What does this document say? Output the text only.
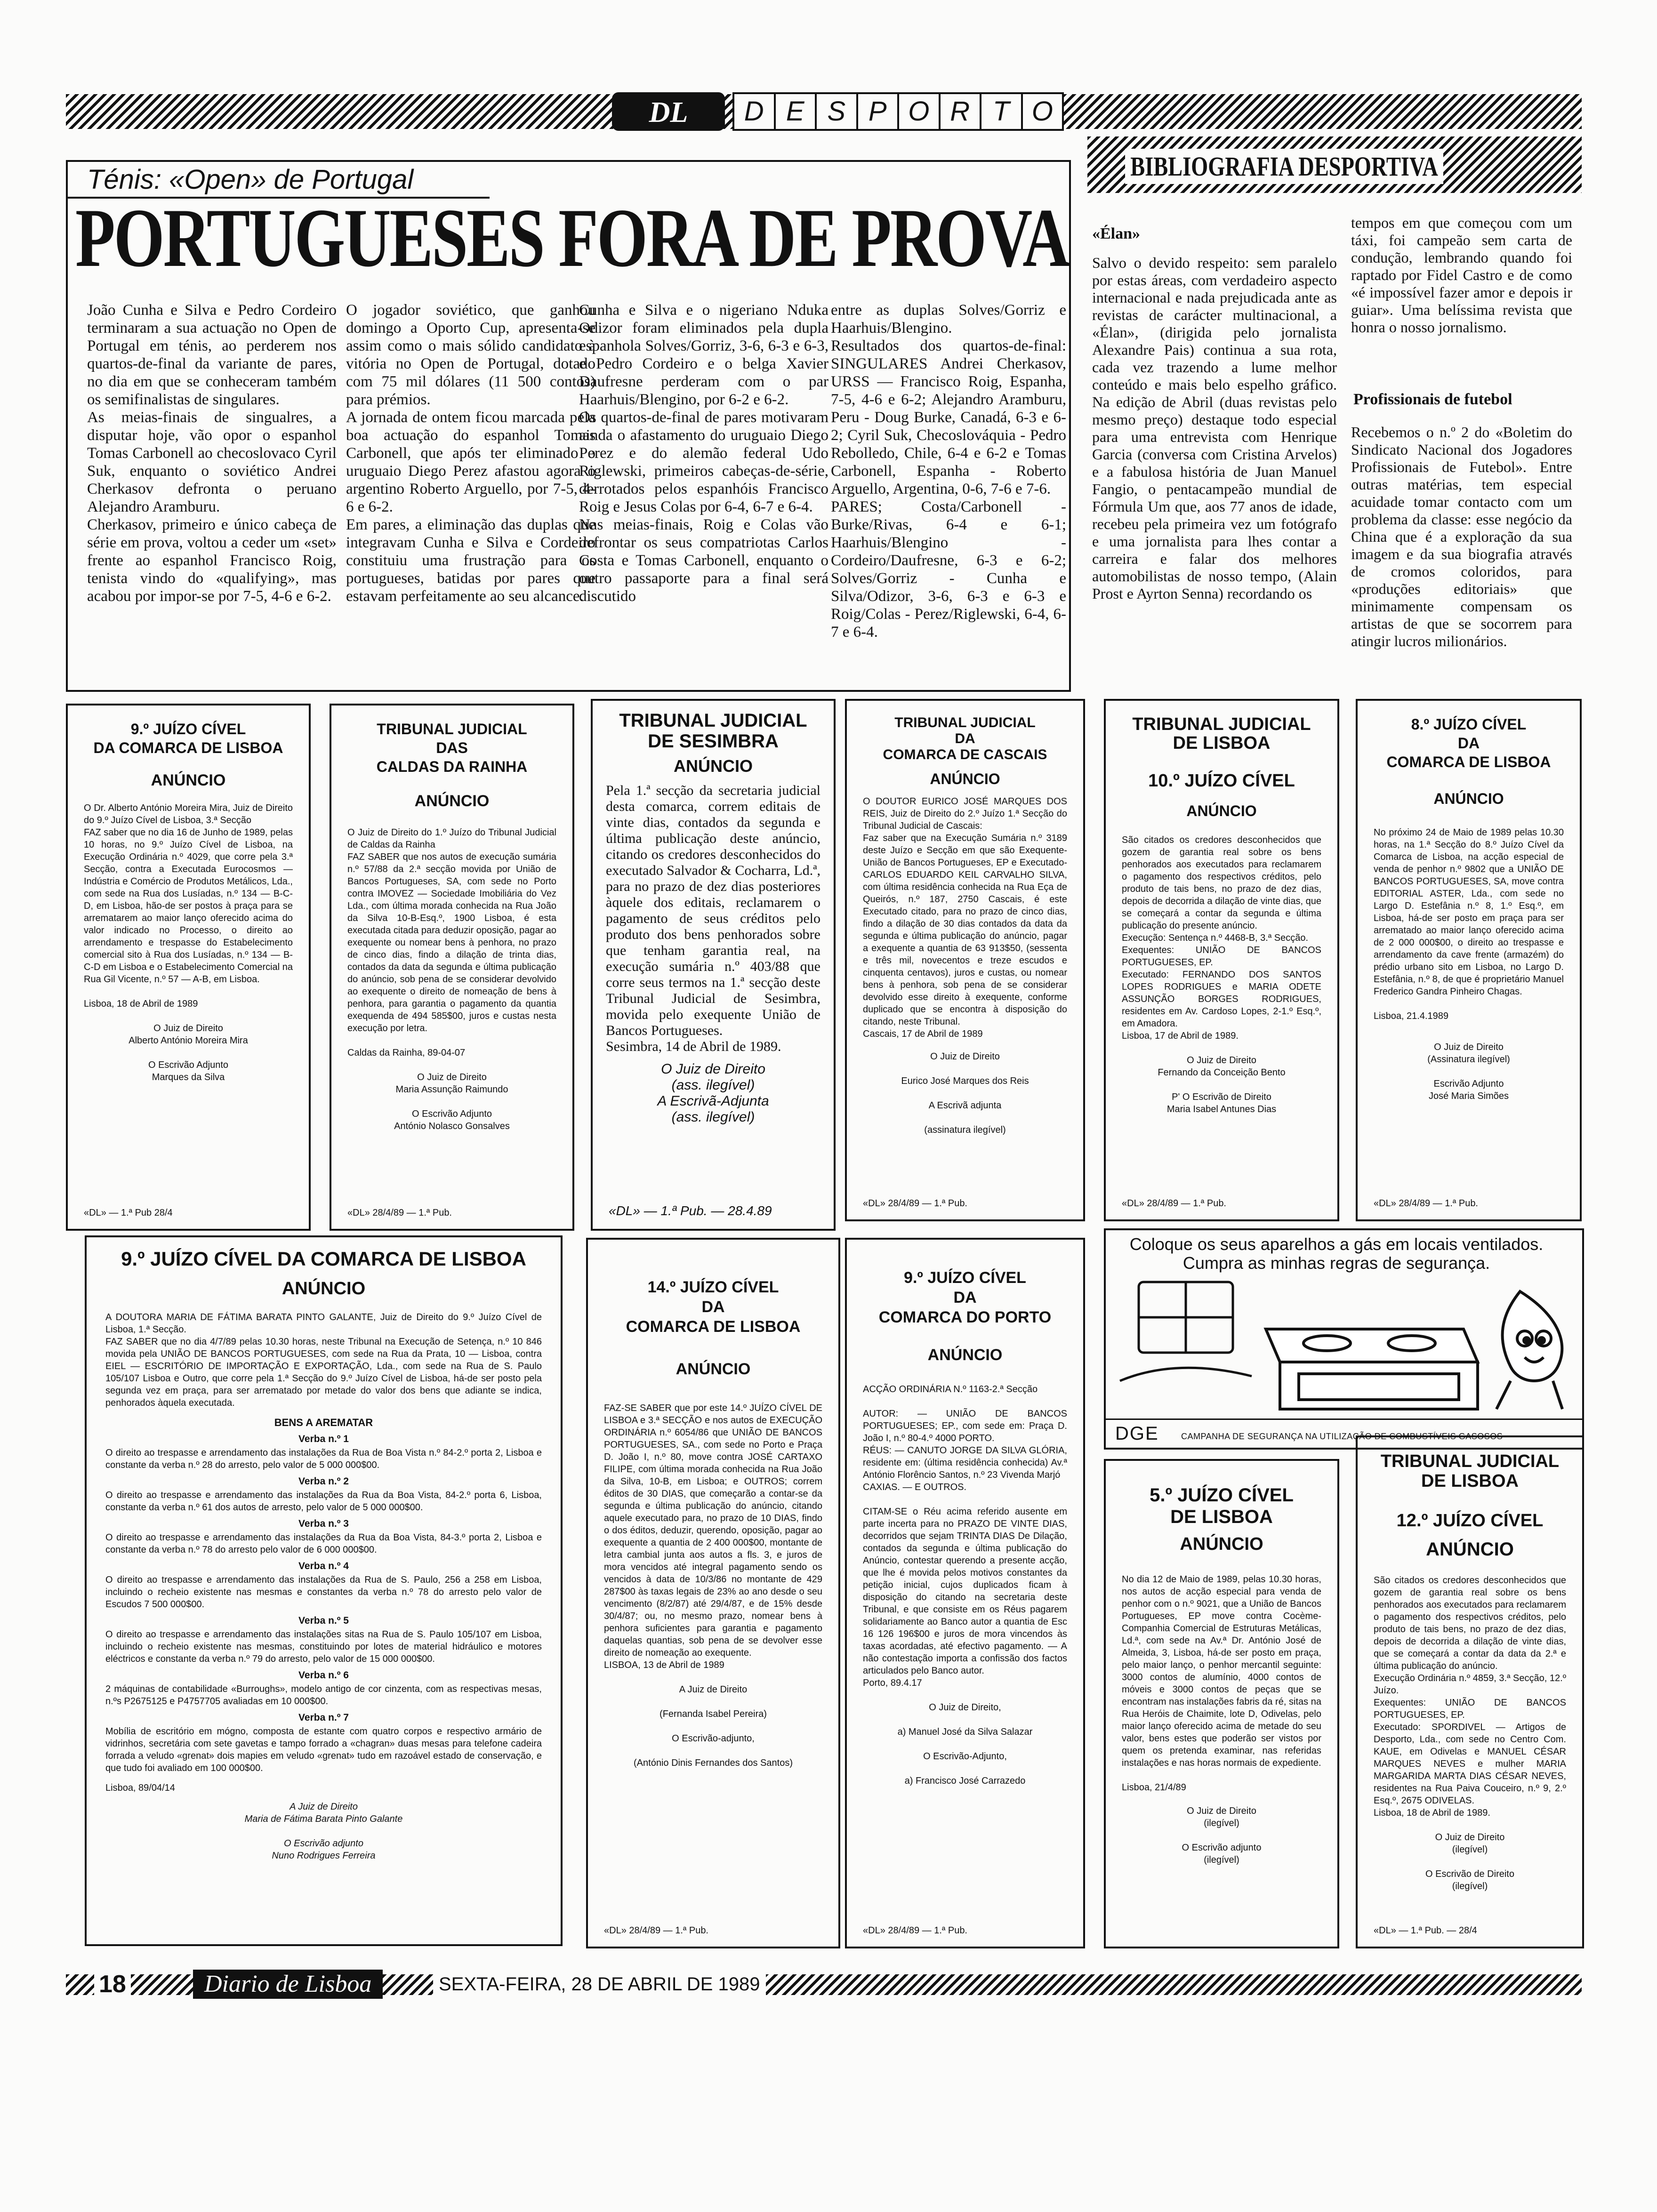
DL	D E S P O R T O
Ténis: «Open» de Portugal
PORTUGUESES FORA DE PROVA
João Cunha e Silva e Pedro Cordeiro terminaram a sua actuação no Open de Portugal em ténis, ao perderem nos quartos-de-final da variante de pares, no dia em que se conheceram também os semifinalistas de singulares.
As meias-finais de singualres, a disputar hoje, vão opor o espanhol Tomas Carbonell ao checoslovaco Cyril Suk, enquanto o soviético Andrei Cherkasov defronta o peruano Alejandro Aramburu.
Cherkasov, primeiro e único cabeça de série em prova, voltou a ceder um «set» frente ao espanhol Francisco Roig, tenista vindo do «qualifying», mas acabou por impor-se por 7-5, 4-6 e 6-2.
O jogador soviético, que ganhou domingo a Oporto Cup, apresenta-se assim como o mais sólido candidato à vitória no Open de Portugal, dotado com 75 mil dólares (11 500 contos) para prémios.
A jornada de ontem ficou marcada pela boa actuação do espanhol Tomas Carbonell, que após ter eliminado o uruguaio Diego Perez afastou agora o argentino Roberto Arguello, por 7-5, 4-6 e 6-2.
Em pares, a eliminação das duplas que integravam Cunha e Silva e Cordeiro constituiu uma frustração para os portugueses, batidas por pares que estavam perfeitamente ao seu alcance.
Cunha e Silva e o nigeriano Nduka Odizor foram eliminados pela dupla espanhola Solves/Gorriz, 3-6, 6-3 e 6-3, e Pedro Cordeiro e o belga Xavier Daufresne perderam com o par Haarhuis/Blengino, por 6-2 e 6-2.
Os quartos-de-final de pares motivaram ainda o afastamento do uruguaio Diego Perez e do alemão federal Udo Riglewski, primeiros cabeças-de-série, derrotados pelos espanhóis Francisco Roig e Jesus Colas por 6-4, 6-7 e 6-4.
Nas meias-finais, Roig e Colas vão defrontar os seus compatriotas Carlos Costa e Tomas Carbonell, enquanto o outro passaporte para a final será discutido
entre as duplas Solves/Gorriz e Haarhuis/Blengino.
Resultados dos quartos-de-final: SINGULARES Andrei Cherkasov, URSS — Francisco Roig, Espanha, 7-5, 4-6 e 6-2; Alejandro Aramburu, Peru - Doug Burke, Canadá, 6-3 e 6-2; Cyril Suk, Checoslováquia - Pedro Rebolledo, Chile, 6-4 e 6-2 e Tomas Carbonell, Espanha - Roberto Arguello, Argentina, 0-6, 7-6 e 7-6.
PARES; Costa/Carbonell - Burke/Rivas, 6-4 e 6-1; Haarhuis/Blengino - Cordeiro/Daufresne, 6-3 e 6-2; Solves/Gorriz - Cunha e Silva/Odizor, 3-6, 6-3 e 6-3 e Roig/Colas - Perez/Riglewski, 6-4, 6-7 e 6-4.
BIBLIOGRAFIA DESPORTIVA
«Élan»
Salvo o devido respeito: sem paralelo por estas áreas, com verdadeiro aspecto internacional e nada prejudicada ante as revistas de carácter multinacional, a «Élan», (dirigida pelo jornalista Alexandre Pais) continua a sua rota, cada vez trazendo a lume melhor conteúdo e mais belo espelho gráfico. Na edição de Abril (duas revistas pelo mesmo preço) destaque todo especial para uma entrevista com Henrique Garcia (conversa com Cristina Arvelos) e a fabulosa história de Juan Manuel Fangio, o pentacampeão mundial de Fórmula Um que, aos 77 anos de idade, recebeu pela primeira vez um fotógrafo e uma jornalista para lhes contar a carreira e falar dos melhores automobilistas de nosso tempo, (Alain Prost e Ayrton Senna) recordando os
tempos em que começou com um táxi, foi campeão sem carta de condução, lembrando quando foi raptado por Fidel Castro e de como «é impossível fazer amor e depois ir guiar». Uma belíssima revista que honra o nosso jornalismo.
Profissionais de futebol
Recebemos o n.º 2 do «Boletim do Sindicato Nacional dos Jogadores Profissionais de Futebol». Entre outras matérias, tem especial acuidade tomar contacto com um problema da classe: esse negócio da China que é a exploração da sua imagem e da sua biografia através de cromos coloridos, para «produções editoriais» que minimamente compensam os artistas de que se socorrem para atingir lucros milionários.
9.º JUÍZO CÍVEL
DA COMARCA DE LISBOA
ANÚNCIO
O Dr. Alberto António Moreira Mira, Juiz de Direito do 9.º Juízo Cível de Lisboa, 3.ª Secção
FAZ saber que no dia 16 de Junho de 1989, pelas 10 horas, no 9.º Juízo Cível de Lisboa, na Execução Ordinária n.º 4029, que corre pela 3.ª Secção, contra a Executada Eurocosmos — Indústria e Comércio de Produtos Metálicos, Lda., com sede na Rua dos Lusíadas, n.º 134 — B-C-D, em Lisboa, hão-de ser postos à praça para se arrematarem ao maior lanço oferecido acima do valor indicado no Processo, o direito ao arrendamento e trespasse do Estabelecimento comercial sito à Rua dos Lusíadas, n.º 134 — B-C-D em Lisboa e o Estabelecimento Comercial na Rua Gil Vicente, n.º 57 — A-B, em Lisboa.

Lisboa, 18 de Abril de 1989
O Juiz de Direito
Alberto António Moreira Mira

O Escrivão Adjunto
Marques da Silva
«DL» — 1.ª Pub 28/4
TRIBUNAL JUDICIAL
DAS
CALDAS DA RAINHA
ANÚNCIO
O Juiz de Direito do 1.º Juízo do Tribunal Judicial de Caldas da Rainha
FAZ SABER que nos autos de execução sumária n.º 57/88 da 2.ª secção movida por União de Bancos Portugueses, SA, com sede no Porto contra IMOVEZ — Sociedade Imobiliária do Vez Lda., com última morada conhecida na Rua João da Silva 10-B-Esq.º, 1900 Lisboa, é esta executada citada para deduzir oposição, pagar ao exequente ou nomear bens à penhora, no prazo de cinco dias, findo a dilação de trinta dias, contados da data da segunda e última publicação do anúncio, sob pena de se considerar devolvido ao exequente o direito de nomeação de bens à penhora, para garantia o pagamento da quantia exequenda de 494 585$00, juros e custas nesta execução por letra.

Caldas da Rainha, 89-04-07
O Juiz de Direito
Maria Assunção Raimundo

O Escrivão Adjunto
António Nolasco Gonsalves
«DL» 28/4/89 — 1.ª Pub.
TRIBUNAL JUDICIAL
DE SESIMBRA
ANÚNCIO
Pela 1.ª secção da secretaria judicial desta comarca, correm editais de vinte dias, contados da segunda e última publicação deste anúncio, citando os credores desconhecidos do executado Salvador & Cocharra, Ld.ª, para no prazo de dez dias posteriores àquele dos editais, reclamarem o pagamento de seus créditos pelo produto dos bens penhorados sobre que tenham garantia real, na execução sumária n.º 403/88 que corre seus termos na 1.ª secção deste Tribunal Judicial de Sesimbra, movida pelo exequente União de Bancos Portugueses.
Sesimbra, 14 de Abril de 1989.
O Juiz de Direito
(ass. ilegível)
A Escrivã-Adjunta
(ass. ilegível)
«DL» — 1.ª Pub. — 28.4.89
TRIBUNAL JUDICIAL
DA
COMARCA DE CASCAIS
ANÚNCIO
O DOUTOR EURICO JOSÉ MARQUES DOS REIS, Juiz de Direito do 2.º Juízo 1.ª Secção do Tribunal Judicial de Cascais:
Faz saber que na Execução Sumária n.º 3189 deste Juízo e Secção em que são Exequente-União de Bancos Portugueses, EP e Executado-CARLOS EDUARDO KEIL CARVALHO SILVA, com última residência conhecida na Rua Eça de Queirós, n.º 187, 2750 Cascais, é este Executado citado, para no prazo de cinco dias, findo a dilação de 30 dias contados da data da segunda e última publicação do anúncio, pagar a exequente a quantia de 63 913$50, (sessenta e três mil, novecentos e treze escudos e cinquenta centavos), juros e custas, ou nomear bens à penhora, sob pena de se considerar devolvido esse direito à exequente, conforme duplicado que se encontra à disposição do citando, neste Tribunal.
Cascais, 17 de Abril de 1989
O Juiz de Direito

Eurico José Marques dos Reis

A Escrivã adjunta

(assinatura ilegível)
«DL» 28/4/89 — 1.ª Pub.
TRIBUNAL JUDICIAL
DE LISBOA

10.º JUÍZO CÍVEL
ANÚNCIO
São citados os credores desconhecidos que gozem de garantia real sobre os bens penhorados aos executados para reclamarem o pagamento dos respectivos créditos, pelo produto de tais bens, no prazo de dez dias, depois de decorrida a dilação de vinte dias, que se começará a contar da segunda e última publicação do presente anúncio.
Execução: Sentença n.º 4468-B, 3.ª Secção.
Exequentes: UNIÃO DE BANCOS PORTUGUESES, EP.
Executado: FERNANDO DOS SANTOS LOPES RODRIGUES e MARIA ODETE ASSUNÇÃO BORGES RODRIGUES, residentes em Av. Cardoso Lopes, 2-1.º Esq.º, em Amadora.
Lisboa, 17 de Abril de 1989.
O Juiz de Direito
Fernando da Conceição Bento

P' O Escrivão de Direito
Maria Isabel Antunes Dias
«DL» 28/4/89 — 1.ª Pub.
8.º JUÍZO CÍVEL
DA
COMARCA DE LISBOA
ANÚNCIO
No próximo 24 de Maio de 1989 pelas 10.30 horas, na 1.ª Secção do 8.º Juízo Cível da Comarca de Lisboa, na acção especial de venda de penhor n.º 9802 que a UNIÃO DE BANCOS PORTUGUESES, SA, move contra EDITORIAL ASTER, Lda., com sede no Largo D. Estefânia n.º 8, 1.º Esq.º, em Lisboa, há-de ser posto em praça para ser arrematado ao maior lanço oferecido acima de 2 000 000$00, o direito ao trespasse e arrendamento da cave frente (armazém) do prédio urbano sito em Lisboa, no Largo D. Estefânia, n.º 8, de que é proprietário Manuel Frederico Gandra Pinheiro Chagas.

Lisboa, 21.4.1989
O Juiz de Direito
(Assinatura ilegível)

Escrivão Adjunto
José Maria Simões
«DL» 28/4/89 — 1.ª Pub.
9.º JUÍZO CÍVEL DA COMARCA DE LISBOA
ANÚNCIO
A DOUTORA MARIA DE FÁTIMA BARATA PINTO GALANTE, Juiz de Direito do 9.º Juízo Cível de Lisboa, 1.ª Secção.
FAZ SABER que no dia 4/7/89 pelas 10.30 horas, neste Tribunal na Execução de Setença, n.º 10 846 movida pela UNIÃO DE BANCOS PORTUGUESES, com sede na Rua da Prata, 10 — Lisboa, contra EIEL — ESCRITÓRIO DE IMPORTAÇÃO E EXPORTAÇÃO, Lda., com sede na Rua de S. Paulo 105/107 Lisboa e Outro, que corre pela 1.ª Secção do 9.º Juízo Cível de Lisboa, há-de ser posto pela segunda vez em praça, para ser arrematado por metade do valor dos bens que adiante se indica, penhorados àquela executada.
BENS A AREMATAR
Verba n.º 1
O direito ao trespasse e arrendamento das instalações da Rua de Boa Vista n.º 84-2.º porta 2, Lisboa e constante da verba n.º 28 do arresto, pelo valor de 5 000 000$00.
Verba n.º 2
O direito ao trespasse e arrendamento das instalações da Rua da Boa Vista, 84-2.º porta 6, Lisboa, constante da verba n.º 61 dos autos de arresto, pelo valor de 5 000 000$00.
Verba n.º 3
O direito ao trespasse e arrendamento das instalações da Rua da Boa Vista, 84-3.º porta 2, Lisboa e constante da verba n.º 78 do arresto pelo valor de 6 000 000$00.
Verba n.º 4
O direito ao trespasse e arrendamento das instalações da Rua de S. Paulo, 256 a 258 em Lisboa, incluindo o recheio existente nas mesmas e constantes da verba n.º 78 do arresto pelo valor de Escudos 7 500 000$00.
Verba n.º 5
O direito ao trespasse e arrendamento das instalações sitas na Rua de S. Paulo 105/107 em Lisboa, incluindo o recheio existente nas mesmas, constituindo por lotes de material hidráulico e motores eléctricos e constante da verba n.º 79 do arresto, pelo valor de 15 000 000$00.
Verba n.º 6
2 máquinas de contabilidade «Burroughs», modelo antigo de cor cinzenta, com as respectivas mesas, n.ºs P2675125 e P4757705 avaliadas em 10 000$00.
Verba n.º 7
Mobília de escritório em mógno, composta de estante com quatro corpos e respectivo armário de vidrinhos, secretária com sete gavetas e tampo forrado a «chagran» duas mesas para telefone cadeira forrada a veludo «grenat» dois mapies em veludo «grenat» tudo em razoável estado de conservação, e que tudo foi avaliado em 100 000$00.
Lisboa, 89/04/14
A Juiz de Direito
Maria de Fátima Barata Pinto Galante

O Escrivão adjunto
Nuno Rodrigues Ferreira
14.º JUÍZO CÍVEL
DA
COMARCA DE LISBOA
ANÚNCIO
FAZ-SE SABER que por este 14.º JUÍZO CÍVEL DE LISBOA e 3.ª SECÇÃO e nos autos de EXECUÇÃO ORDINÁRIA n.º 6054/86 que UNIÃO DE BANCOS PORTUGUESES, SA., com sede no Porto e Praça D. João I, n.º 80, move contra JOSÉ CARTAXO FILIPE, com última morada conhecida na Rua João da Silva, 10-B, em Lisboa; e OUTROS; correm éditos de 30 DIAS, que começarão a contar-se da segunda e última publicação do anúncio, citando aquele executado para, no prazo de 10 DIAS, findo o dos éditos, deduzir, querendo, oposição, pagar ao exequente a quantia de 2 400 000$00, montante de letra cambial junta aos autos a fls. 3, e juros de mora vencidos até integral pagamento sendo os vencidos à data de 10/3/86 no montante de 429 287$00 às taxas legais de 23% ao ano desde o seu vencimento (8/2/87) até 29/4/87, e de 15% desde 30/4/87; ou, no mesmo prazo, nomear bens à penhora suficientes para garantia e pagamento daquelas quantias, sob pena de se devolver esse direito de nomeação ao exequente.
LISBOA, 13 de Abril de 1989
A Juiz de Direito

(Fernanda Isabel Pereira)

O Escrivão-adjunto,

(António Dinis Fernandes dos Santos)
«DL» 28/4/89 — 1.ª Pub.
9.º JUÍZO CÍVEL
DA
COMARCA DO PORTO
ANÚNCIO
ACÇÃO ORDINÁRIA N.º 1163-2.ª Secção

AUTOR: — UNIÃO DE BANCOS PORTUGUESES; EP., com sede em: Praça D. João I, n.º 80-4.º 4000 PORTO.
RÉUS: — CANUTO JORGE DA SILVA GLÓRIA, residente em: (última residência conhecida) Av.ª António Florêncio Santos, n.º 23 Vivenda Marjó
CAXIAS. — E OUTROS.

CITAM-SE o Réu acima referido ausente em parte incerta para no PRAZO DE VINTE DIAS, decorridos que sejam TRINTA DIAS De Dilação, contados da segunda e última publicação do Anúncio, contestar querendo a presente acção, que lhe é movida pelos motivos constantes da petição inicial, cujos duplicados ficam à disposição do citando na secretaria deste Tribunal, e que consiste em os Réus pagarem solidariamente ao Banco autor a quantia de Esc 16 126 196$00 e juros de mora vincendos às taxas acordadas, até efectivo pagamento. — A não contestação importa a confissão dos factos articulados pelo Banco autor.
Porto, 89.4.17
O Juiz de Direito,

a) Manuel José da Silva Salazar

O Escrivão-Adjunto,

a) Francisco José Carrazedo
«DL» 28/4/89 — 1.ª Pub.
Coloque os seus aparelhos a gás em locais ventilados.
Cumpra as minhas regras de segurança.
DGE	CAMPANHA DE SEGURANÇA NA UTILIZAÇÃO DE COMBUSTÍVEIS GASOSOS
5.º JUÍZO CÍVEL
DE LISBOA
ANÚNCIO
No dia 12 de Maio de 1989, pelas 10.30 horas, nos autos de acção especial para venda de penhor com o n.º 9021, que a União de Bancos Portugueses, EP move contra Cocème-Companhia Comercial de Estruturas Metálicas, Ld.ª, com sede na Av.ª Dr. António José de Almeida, 3, Lisboa, há-de ser posto em praça, pelo maior lanço, o penhor mercantil seguinte: 3000 contos de alumínio, 4000 contos de móveis e 3000 contos de peças que se encontram nas instalações fabris da ré, sitas na Rua Heróis de Chaimite, lote D, Odivelas, pelo maior lanço oferecido acima de metade do seu valor, bens estes que poderão ser vistos por quem os pretenda examinar, nas referidas instalações e nas horas normais de expediente.

Lisboa, 21/4/89
O Juiz de Direito
(ilegível)

O Escrivão adjunto
(ilegível)
TRIBUNAL JUDICIAL
DE LISBOA

12.º JUÍZO CÍVEL
ANÚNCIO
São citados os credores desconhecidos que gozem de garantia real sobre os bens penhorados aos executados para reclamarem o pagamento dos respectivos créditos, pelo produto de tais bens, no prazo de dez dias, depois de decorrida a dilação de vinte dias, que se começará a contar da data da 2.ª e última publicação do anúncio.
Execução Ordinária n.º 4859, 3.ª Secção, 12.º Juízo.
Exequentes: UNIÃO DE BANCOS PORTUGUESES, EP.
Executado: SPORDIVEL — Artigos de Desporto, Lda., com sede no Centro Com. KAUE, em Odivelas e MANUEL CÉSAR MARQUES NEVES e mulher MARIA MARGARIDA MARTA DIAS CÉSAR NEVES, residentes na Rua Paiva Couceiro, n.º 9, 2.º Esq.º, 2675 ODIVELAS.
Lisboa, 18 de Abril de 1989.
O Juiz de Direito
(ilegível)

O Escrivão de Direito
(ilegível)
«DL» — 1.ª Pub. — 28/4
18	Diario de Lisboa	SEXTA-FEIRA, 28 DE ABRIL DE 1989
